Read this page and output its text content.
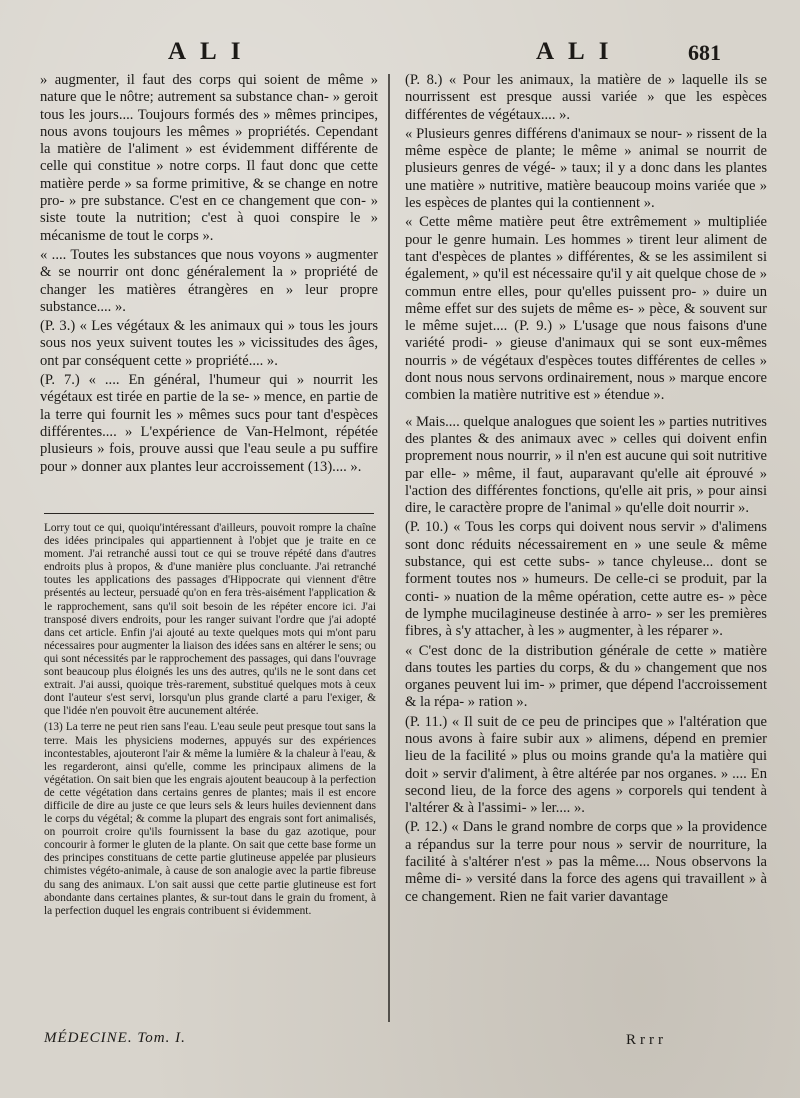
ALI	ALI	681

» augmenter, il faut des corps qui soient de même » nature que le nôtre; autrement sa substance chan- » geroit tous les jours.... Toujours formés des » mêmes principes, nous avons toujours les mêmes » propriétés. Cependant la matière de l'aliment » est évidemment différente de celle qui constitue » notre corps. Il faut donc que cette matière perde » sa forme primitive, & se change en notre pro- » pre substance. C'est en ce changement que con- » siste toute la nutrition; c'est à quoi conspire le » mécanisme de tout le corps ».

« .... Toutes les substances que nous voyons » augmenter & se nourrir ont donc généralement la » propriété de changer les matières étrangères en » leur propre substance.... ».

(P. 3.) « Les végétaux & les animaux qui » tous les jours sous nos yeux suivent toutes les » vicissitudes des âges, ont par conséquent cette » propriété.... ».

(P. 7.) « .... En général, l'humeur qui » nourrit les végétaux est tirée en partie de la se- » mence, en partie de la terre qui fournit les » mêmes sucs pour tant d'espèces différentes.... » L'expérience de Van-Helmont, répétée plusieurs » fois, prouve aussi que l'eau seule a pu suffire pour » donner aux plantes leur accroissement (13).... ».

Lorry tout ce qui, quoiqu'intéressant d'ailleurs, pouvoit rompre la chaîne des idées principales qui appartiennent à l'objet que je traite en ce moment. J'ai retranché aussi tout ce qui se trouve répété dans d'autres endroits plus à propos, & d'une manière plus concluante. J'ai retranché toutes les applications des passages d'Hippocrate qui viennent d'être présentés au lecteur, persuadé qu'on en fera très-aisément l'application & le rapprochement, sans qu'il soit besoin de les répéter encore ici. J'ai transposé divers endroits, pour les ranger suivant l'ordre que j'ai adopté dans cet article. Enfin j'ai ajouté au texte quelques mots qui m'ont paru nécessaires pour augmenter la liaison des idées sans en altérer le sens; ou qui sont nécessités par le rapprochement des passages, qui dans l'ouvrage sont beaucoup plus éloignés les uns des autres, qu'ils ne le sont dans cet extrait. J'ai aussi, quoique très-rarement, substitué quelques mots à ceux dont l'auteur s'est servi, lorsqu'un plus grande clarté a paru l'exiger, & que l'idée n'en pouvoit être aucunement altérée.

(13) La terre ne peut rien sans l'eau. L'eau seule peut presque tout sans la terre. Mais les physiciens modernes, appuyés sur des expériences incontestables, ajouteront l'air & même la lumière & la chaleur à l'eau, & les regarderont, ainsi qu'elle, comme les principaux alimens de la végétation. On sait bien que les engrais ajoutent beaucoup à la perfection de cette végétation dans certains genres de plantes; mais il est encore difficile de dire au juste ce que leurs sels & leurs huiles deviennent dans le corps du végétal; & comme la plupart des engrais sont fort animalisés, on pourroit croire qu'ils fournissent la base du gaz azotique, pour concourir à former le gluten de la plante. On sait que cette base forme un des principes constituans de cette partie glutineuse appelée par plusieurs chimistes végéto-animale, à cause de son analogie avec la partie fibreuse du sang des animaux. L'on sait aussi que cette partie glutineuse est fort abondante dans certaines plantes, & sur-tout dans le grain du froment, à la perfection duquel les engrais contribuent si évidemment.

(P. 8.) « Pour les animaux, la matière de » laquelle ils se nourrissent est presque aussi variée » que les espèces différentes de végétaux.... ».

« Plusieurs genres différens d'animaux se nour- » rissent de la même espèce de plante; le même » animal se nourrit de plusieurs genres de végé- » taux; il y a donc dans les plantes une matière » nutritive, matière beaucoup moins variée que » les espèces de plantes qui la contiennent ».

« Cette même matière peut être extrêmement » multipliée pour le genre humain. Les hommes » tirent leur aliment de tant d'espèces de plantes » différentes, & se les assimilent si également, » qu'il est nécessaire qu'il y ait quelque chose de » commun entre elles, pour qu'elles puissent pro- » duire un même effet sur des sujets de même es- » pèce, & souvent sur le même sujet.... (P. 9.) » L'usage que nous faisons d'une variété prodi- » gieuse d'animaux qui se sont eux-mêmes nourris » de végétaux d'espèces toutes différentes de celles » dont nous nous servons ordinairement, nous » marque encore combien la matière nutritive est » étendue ».

« Mais.... quelque analogues que soient les » parties nutritives des plantes & des animaux avec » celles qui doivent enfin proprement nous nourrir, » il n'en est aucune qui soit nutritive par elle- » même, il faut, auparavant qu'elle ait éprouvé » l'action des différentes fonctions, qu'elle ait pris, » pour ainsi dire, le caractère propre de l'animal » qu'elle doit nourrir ».

(P. 10.) « Tous les corps qui doivent nous servir » d'alimens sont donc réduits nécessairement en » une seule & même substance, qui est cette subs- » tance chyleuse... dont se forment toutes nos » humeurs. De celle-ci se produit, par la conti- » nuation de la même opération, cette autre es- » pèce de lymphe mucilagineuse destinée à arro- » ser les premières fibres, à s'y attacher, à les » augmenter, à les réparer ».

« C'est donc de la distribution générale de cette » matière dans toutes les parties du corps, & du » changement que nos organes peuvent lui im- » primer, que dépend l'accroissement & la répa- » ration ».

(P. 11.) « Il suit de ce peu de principes que » l'altération que nous avons à faire subir aux » alimens, dépend en premier lieu de la facilité » plus ou moins grande qu'a la matière qui doit » servir d'aliment, à être altérée par nos organes. » .... En second lieu, de la force des agens » corporels qui tendent à l'altérer & à l'assimi- » ler.... ».

(P. 12.) « Dans le grand nombre de corps que » la providence a répandus sur la terre pour nous » servir de nourriture, la facilité à s'altérer n'est » pas la même.... Nous observons la même di- » versité dans la force des agens qui travaillent » à ce changement. Rien ne fait varier davantage

MÉDECINE. Tom. I.	Rrrr
